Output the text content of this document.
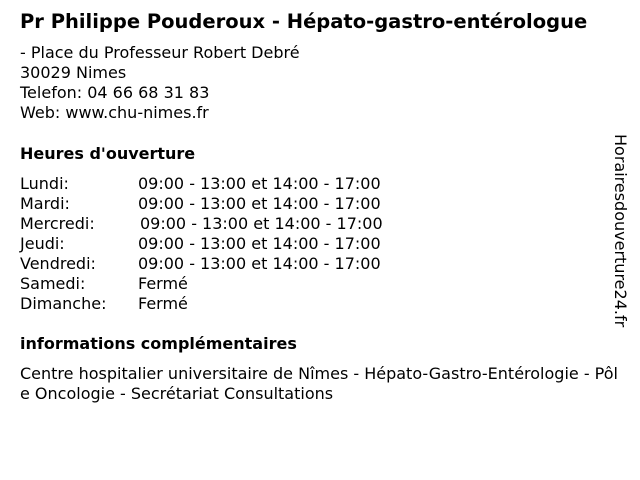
Pr Philippe Pouderoux - Hépato-gastro-entérologue
- Place du Professeur Robert Debré
30029 Nimes
Telefon: 04 66 68 31 83
Web: www.chu-nimes.fr
Heures d'ouverture
Lundi:	09:00 - 13:00 et 14:00 - 17:00
Mardi:	09:00 - 13:00 et 14:00 - 17:00
Mercredi:	09:00 - 13:00 et 14:00 - 17:00
Jeudi:	09:00 - 13:00 et 14:00 - 17:00
Vendredi:	09:00 - 13:00 et 14:00 - 17:00
Samedi:	Fermé
Dimanche: Fermé
informations complémentaires
Centre hospitalier universitaire de Nîmes - Hépato-Gastro-Entérologie - Pôle Oncologie - Secrétariat Consultations
Horairesdouverture24.fr
